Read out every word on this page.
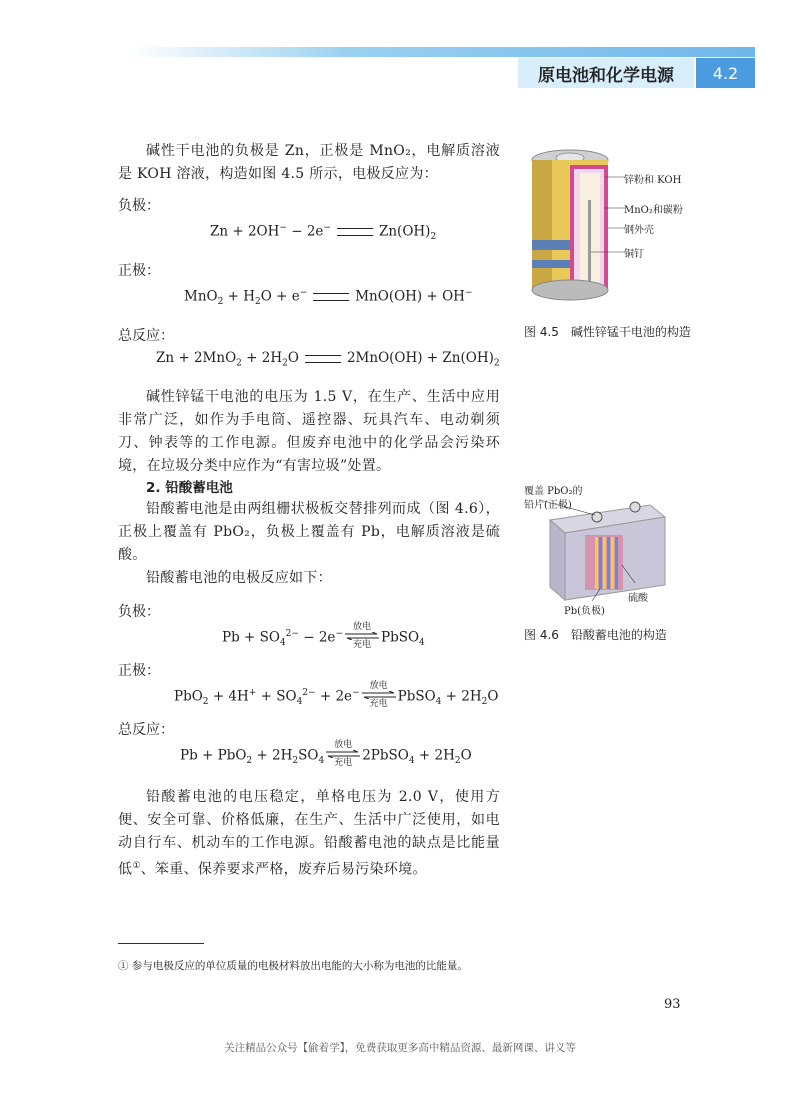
原电池和化学电源	4.2

碱性干电池的负极是 Zn，正极是 MnO₂，电解质溶液是 KOH 溶液，构造如图 4.5 所示，电极反应为：

负极：

Zn + 2OH− − 2e−	$Zn(OH)_2$

正极：

$MnO_2 + H_2O + e^-$	MnO(OH) + OH−

总反应：

$Zn + 2MnO_2 + 2H_2O$	$2MnO(OH) + Zn(OH)_2$

碱性锌锰干电池的电压为 1.5 V，在生产、生活中应用非常广泛，如作为手电筒、遥控器、玩具汽车、电动剃须刀、钟表等的工作电源。但废弃电池中的化学品会污染环境，在垃圾分类中应作为“有害垃圾”处置。

2. 铅酸蓄电池

铅酸蓄电池是由两组栅状极板交替排列而成（图 4.6），正极上覆盖有 PbO₂，负极上覆盖有 Pb，电解质溶液是硫酸。

铅酸蓄电池的电极反应如下：

负极：

$Pb + SO_4^{2-} - 2e^-$
放电
充电 PbSO$_4$

正极：

$PbO_2 + 4H^+ + SO_4^{2-} + 2e^-$
放电
充电 PbSO$_4$ + $2H_2O$

总反应：

$Pb + PbO_2 + 2H_2SO_4$
放电
充电 2PbSO$_4$ + $2H_2O$

铅酸蓄电池的电压稳定，单格电压为 2.0 V，使用方便、安全可靠、价格低廉，在生产、生活中广泛使用，如电动自行车、机动车的工作电源。铅酸蓄电池的缺点是比能量低①、笨重、保养要求严格，废弃后易污染环境。

锌粉和 KOH
MnO₂和碳粉
钢外壳
铜钉
图 4.5　碱性锌锰干电池的构造
覆盖 PbO₂的
铅片(正极)
硫酸
Pb(负极)
图 4.6　铅酸蓄电池的构造
① 参与电极反应的单位质量的电极材料放出电能的大小称为电池的比能量。
93
关注精品公众号【偷着学】，免费获取更多高中精品资源、最新网课、讲义等
